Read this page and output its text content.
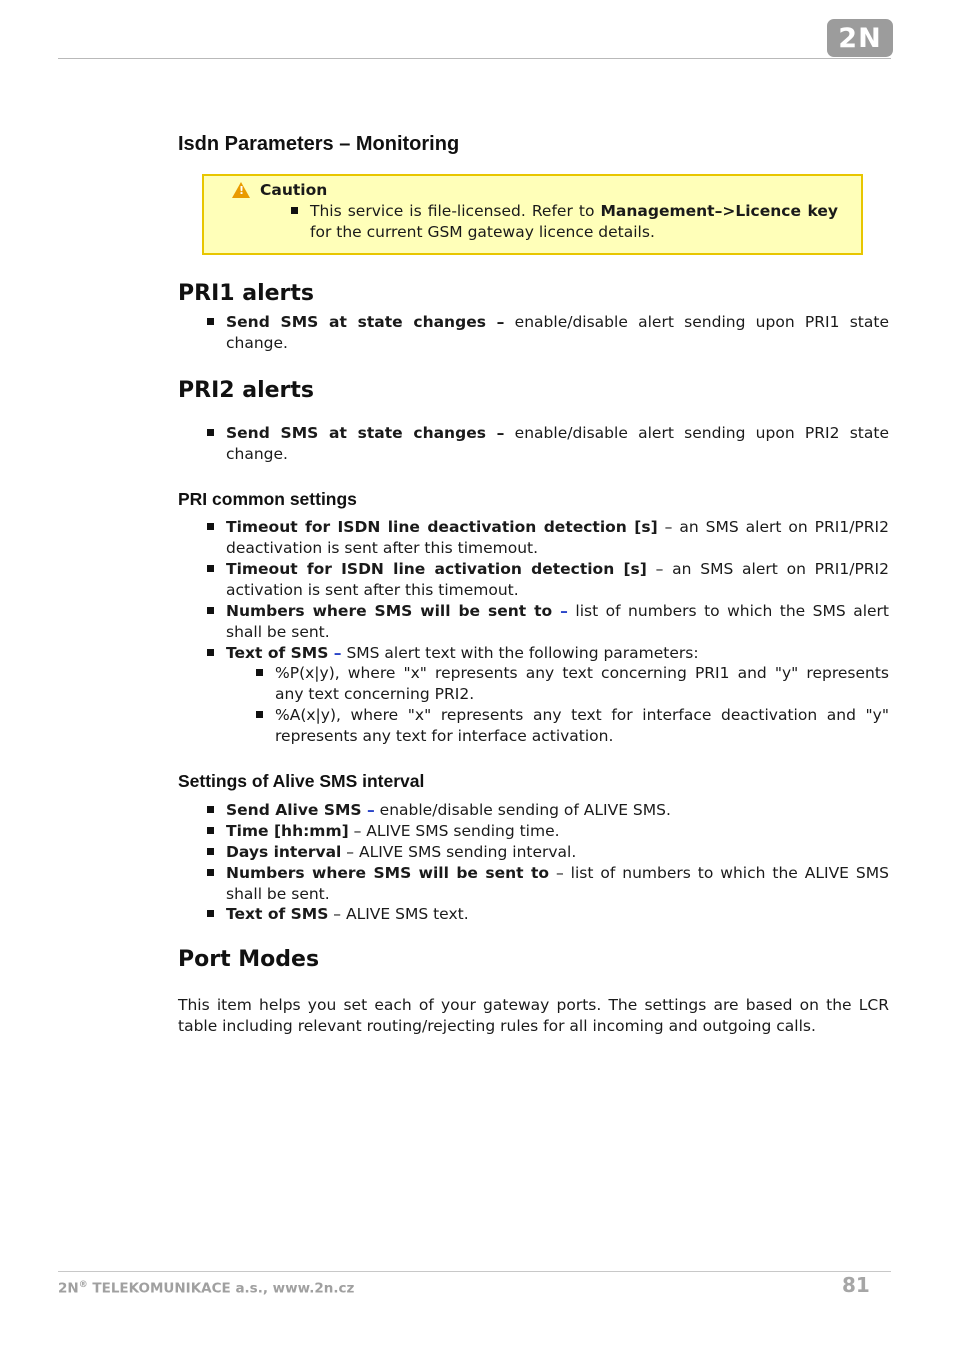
2N
Isdn Parameters – Monitoring
!
Caution
This service is file-licensed. Refer to Management–>Licence key for the current GSM gateway licence details.
PRI1 alerts
Send SMS at state changes – enable/disable alert sending upon PRI1 state change.
PRI2 alerts
Send SMS at state changes – enable/disable alert sending upon PRI2 state change.
PRI common settings
Timeout for ISDN line deactivation detection [s] – an SMS alert on PRI1/PRI2 deactivation is sent after this timemout.
Timeout for ISDN line activation detection [s] – an SMS alert on PRI1/PRI2 activation is sent after this timemout.
Numbers where SMS will be sent to – list of numbers to which the SMS alert shall be sent.
Text of SMS – SMS alert text with the following parameters:
%P(x|y), where "x" represents any text concerning PRI1 and "y" represents any text concerning PRI2.
%A(x|y), where "x" represents any text for interface deactivation and "y" represents any text for interface activation.
Settings of Alive SMS interval
Send Alive SMS – enable/disable sending of ALIVE SMS.
Time [hh:mm] – ALIVE SMS sending time.
Days interval – ALIVE SMS sending interval.
Numbers where SMS will be sent to – list of numbers to which the ALIVE SMS shall be sent.
Text of SMS – ALIVE SMS text.
Port Modes
This item helps you set each of your gateway ports. The settings are based on the LCR table including relevant routing/rejecting rules for all incoming and outgoing calls.
2N® TELEKOMUNIKACE a.s., www.2n.cz	81
